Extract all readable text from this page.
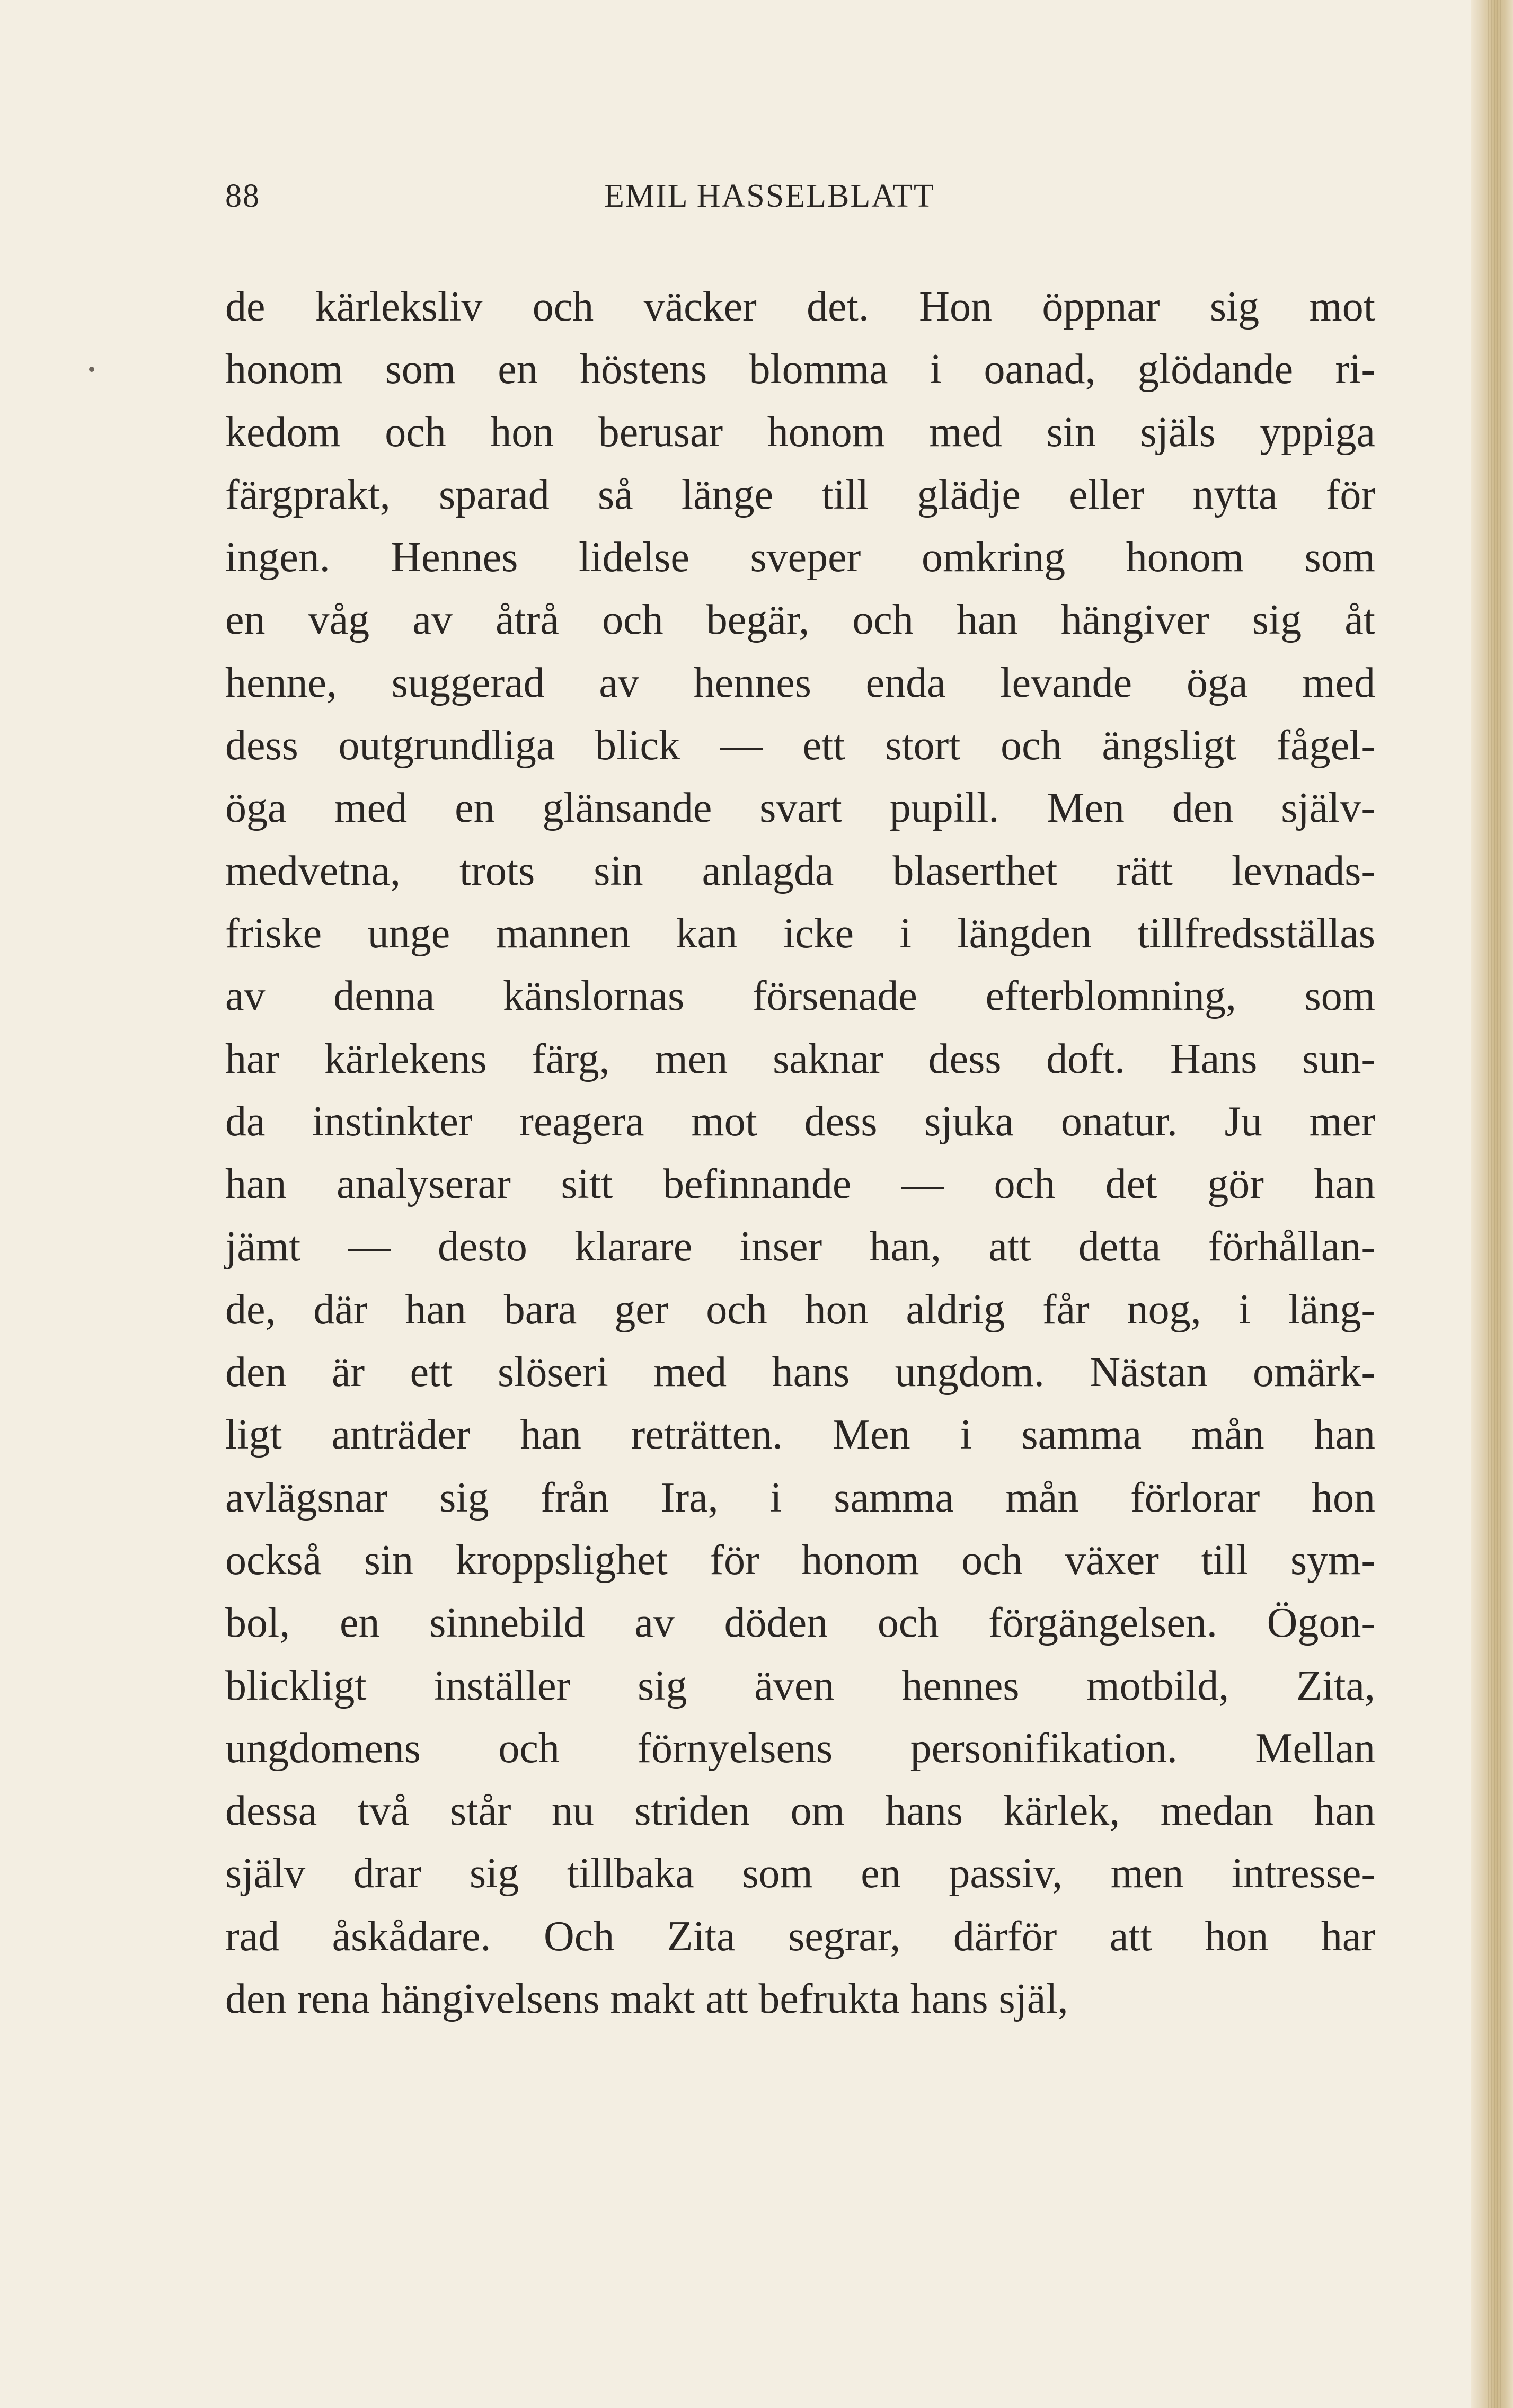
88	EMIL HASSELBLATT
de kärleksliv och väcker det. Hon öppnar sig mot
honom som en höstens blomma i oanad, glödande ri-
kedom och hon berusar honom med sin själs yppiga
färgprakt, sparad så länge till glädje eller nytta för
ingen. Hennes lidelse sveper omkring honom som
en våg av åtrå och begär, och han hängiver sig åt
henne, suggerad av hennes enda levande öga med
dess outgrundliga blick — ett stort och ängsligt fågel-
öga med en glänsande svart pupill. Men den själv-
medvetna, trots sin anlagda blaserthet rätt levnads-
friske unge mannen kan icke i längden tillfredsställas
av denna känslornas försenade efterblomning, som
har kärlekens färg, men saknar dess doft. Hans sun-
da instinkter reagera mot dess sjuka onatur. Ju mer
han analyserar sitt befinnande — och det gör han
jämt — desto klarare inser han, att detta förhållan-
de, där han bara ger och hon aldrig får nog, i läng-
den är ett slöseri med hans ungdom. Nästan omärk-
ligt anträder han reträtten. Men i samma mån han
avlägsnar sig från Ira, i samma mån förlorar hon
också sin kroppslighet för honom och växer till sym-
bol, en sinnebild av döden och förgängelsen. Ögon-
blickligt inställer sig även hennes motbild, Zita,
ungdomens och förnyelsens personifikation. Mellan
dessa två står nu striden om hans kärlek, medan han
själv drar sig tillbaka som en passiv, men intresse-
rad åskådare. Och Zita segrar, därför att hon har
den rena hängivelsens makt att befrukta hans själ,
